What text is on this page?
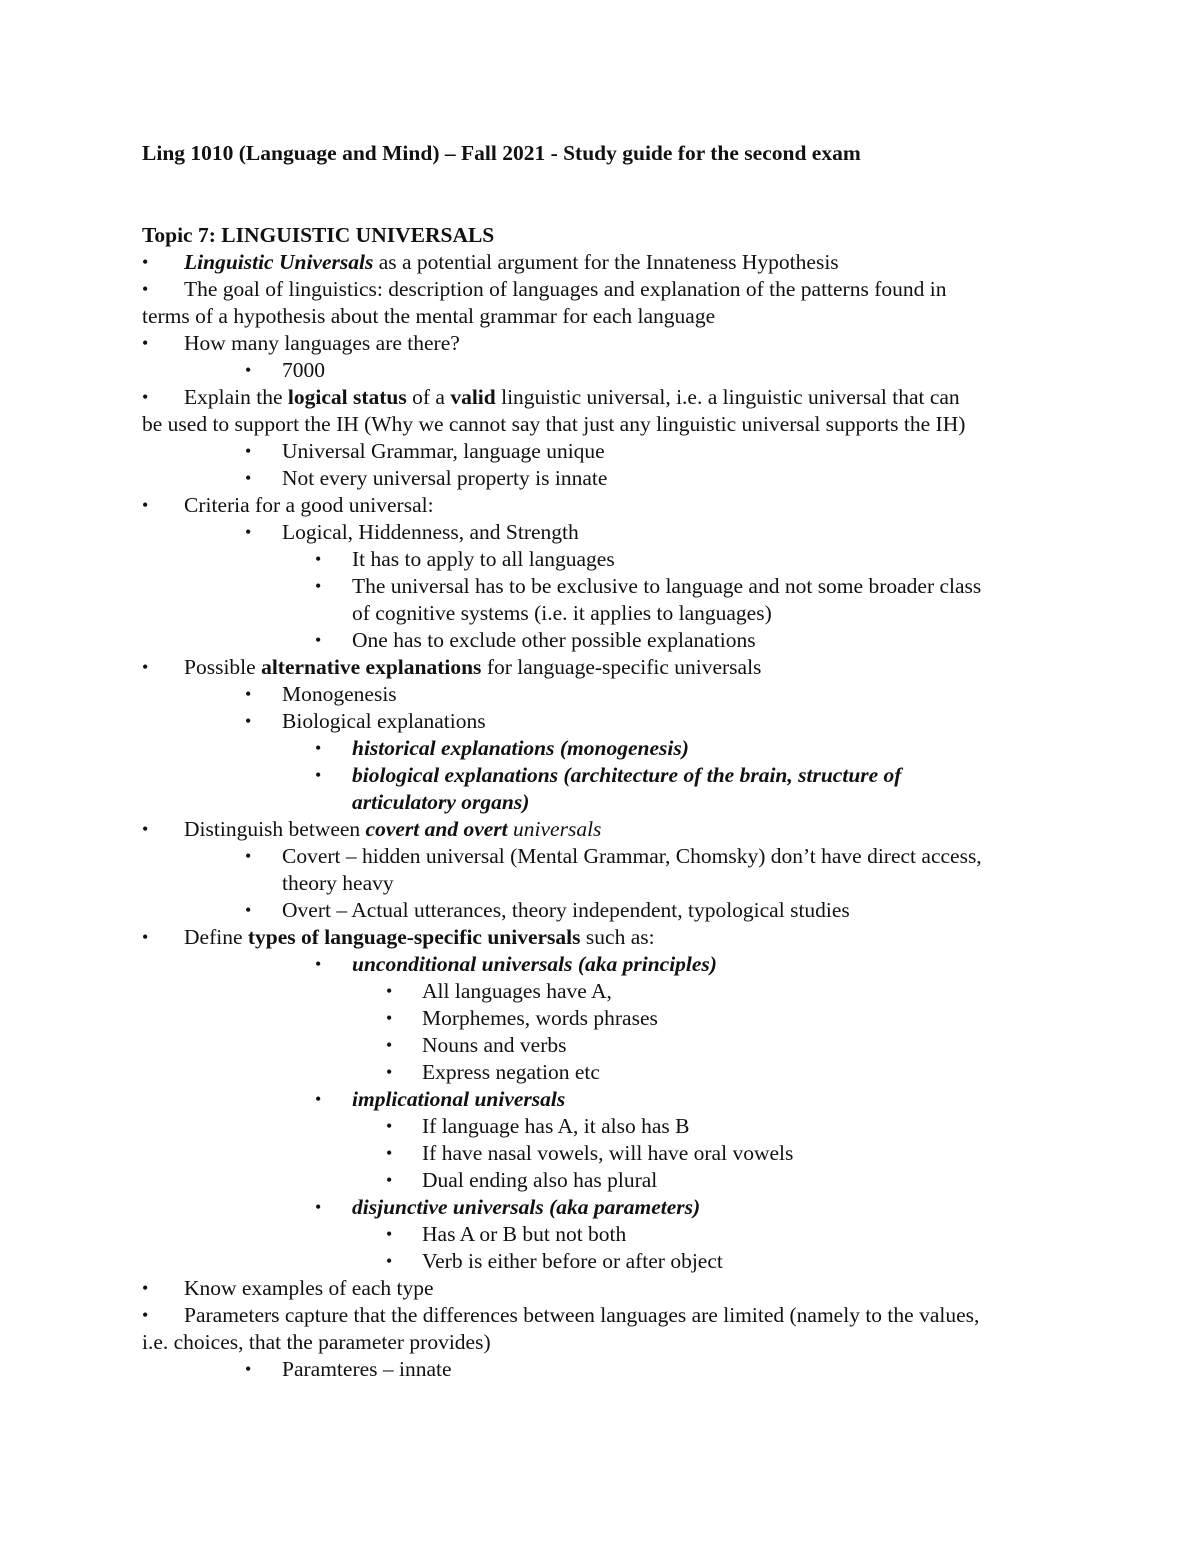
Ling 1010 (Language and Mind) – Fall 2021 - Study guide for the second exam
Topic 7: LINGUISTIC UNIVERSALS
• Linguistic Universals as a potential argument for the Innateness Hypothesis
• The goal of linguistics: description of languages and explanation of the patterns found in
terms of a hypothesis about the mental grammar for each language
• How many languages are there?
• 7000
• Explain the logical status of a valid linguistic universal, i.e. a linguistic universal that can
be used to support the IH (Why we cannot say that just any linguistic universal supports the IH)
• Universal Grammar, language unique
• Not every universal property is innate
• Criteria for a good universal:
• Logical, Hiddenness, and Strength
• It has to apply to all languages
• The universal has to be exclusive to language and not some broader class
of cognitive systems (i.e. it applies to languages)
• One has to exclude other possible explanations
• Possible alternative explanations for language-specific universals
• Monogenesis
• Biological explanations
• historical explanations (monogenesis)
• biological explanations (architecture of the brain, structure of
articulatory organs)
• Distinguish between covert and overt universals
• Covert – hidden universal (Mental Grammar, Chomsky) don’t have direct access,
theory heavy
• Overt – Actual utterances, theory independent, typological studies
• Define types of language-specific universals such as:
• unconditional universals (aka principles)
• All languages have A,
• Morphemes, words phrases
• Nouns and verbs
• Express negation etc
• implicational universals
• If language has A, it also has B
• If have nasal vowels, will have oral vowels
• Dual ending also has plural
• disjunctive universals (aka parameters)
• Has A or B but not both
• Verb is either before or after object
• Know examples of each type
• Parameters capture that the differences between languages are limited (namely to the values,
i.e. choices, that the parameter provides)
• Paramteres – innate
